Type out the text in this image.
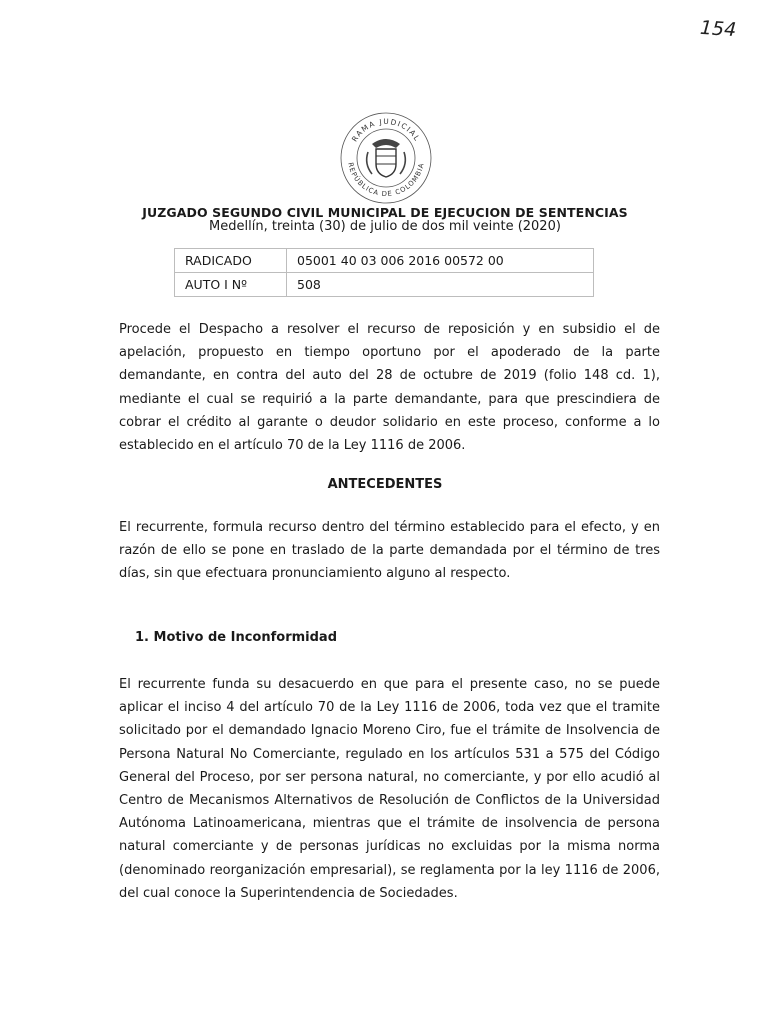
154
RAMA JUDICIAL
REPÚBLICA DE COLOMBIA
JUZGADO SEGUNDO CIVIL MUNICIPAL DE EJECUCION DE SENTENCIAS
Medellín, treinta (30) de julio de dos mil veinte (2020)
RADICADO	05001 40 03 006 2016 00572 00
AUTO I Nº	508

Procede el Despacho a resolver el recurso de reposición y en subsidio el de apelación, propuesto en tiempo oportuno por el apoderado de la parte demandante, en contra del auto del 28 de octubre de 2019 (folio 148 cd. 1), mediante el cual se requirió a la parte demandante, para que prescindiera de cobrar el crédito al garante o deudor solidario en este proceso, conforme a lo establecido en el artículo 70 de la Ley 1116 de 2006.

ANTECEDENTES

El recurrente, formula recurso dentro del término establecido para el efecto, y en razón de ello se pone en traslado de la parte demandada por el término de tres días, sin que efectuara pronunciamiento alguno al respecto.

1. Motivo de Inconformidad

El recurrente funda su desacuerdo en que para el presente caso, no se puede aplicar el inciso 4 del artículo 70 de la Ley 1116 de 2006, toda vez que el tramite solicitado por el demandado Ignacio Moreno Ciro, fue el trámite de Insolvencia de Persona Natural No Comerciante, regulado en los artículos 531 a 575 del Código General del Proceso, por ser persona natural, no comerciante, y por ello acudió al Centro de Mecanismos Alternativos de Resolución de Conflictos de la Universidad Autónoma Latinoamericana, mientras que el trámite de insolvencia de persona natural comerciante y de personas jurídicas no excluidas por la misma norma (denominado reorganización empresarial), se reglamenta por la ley 1116 de 2006, del cual conoce la Superintendencia de Sociedades.
